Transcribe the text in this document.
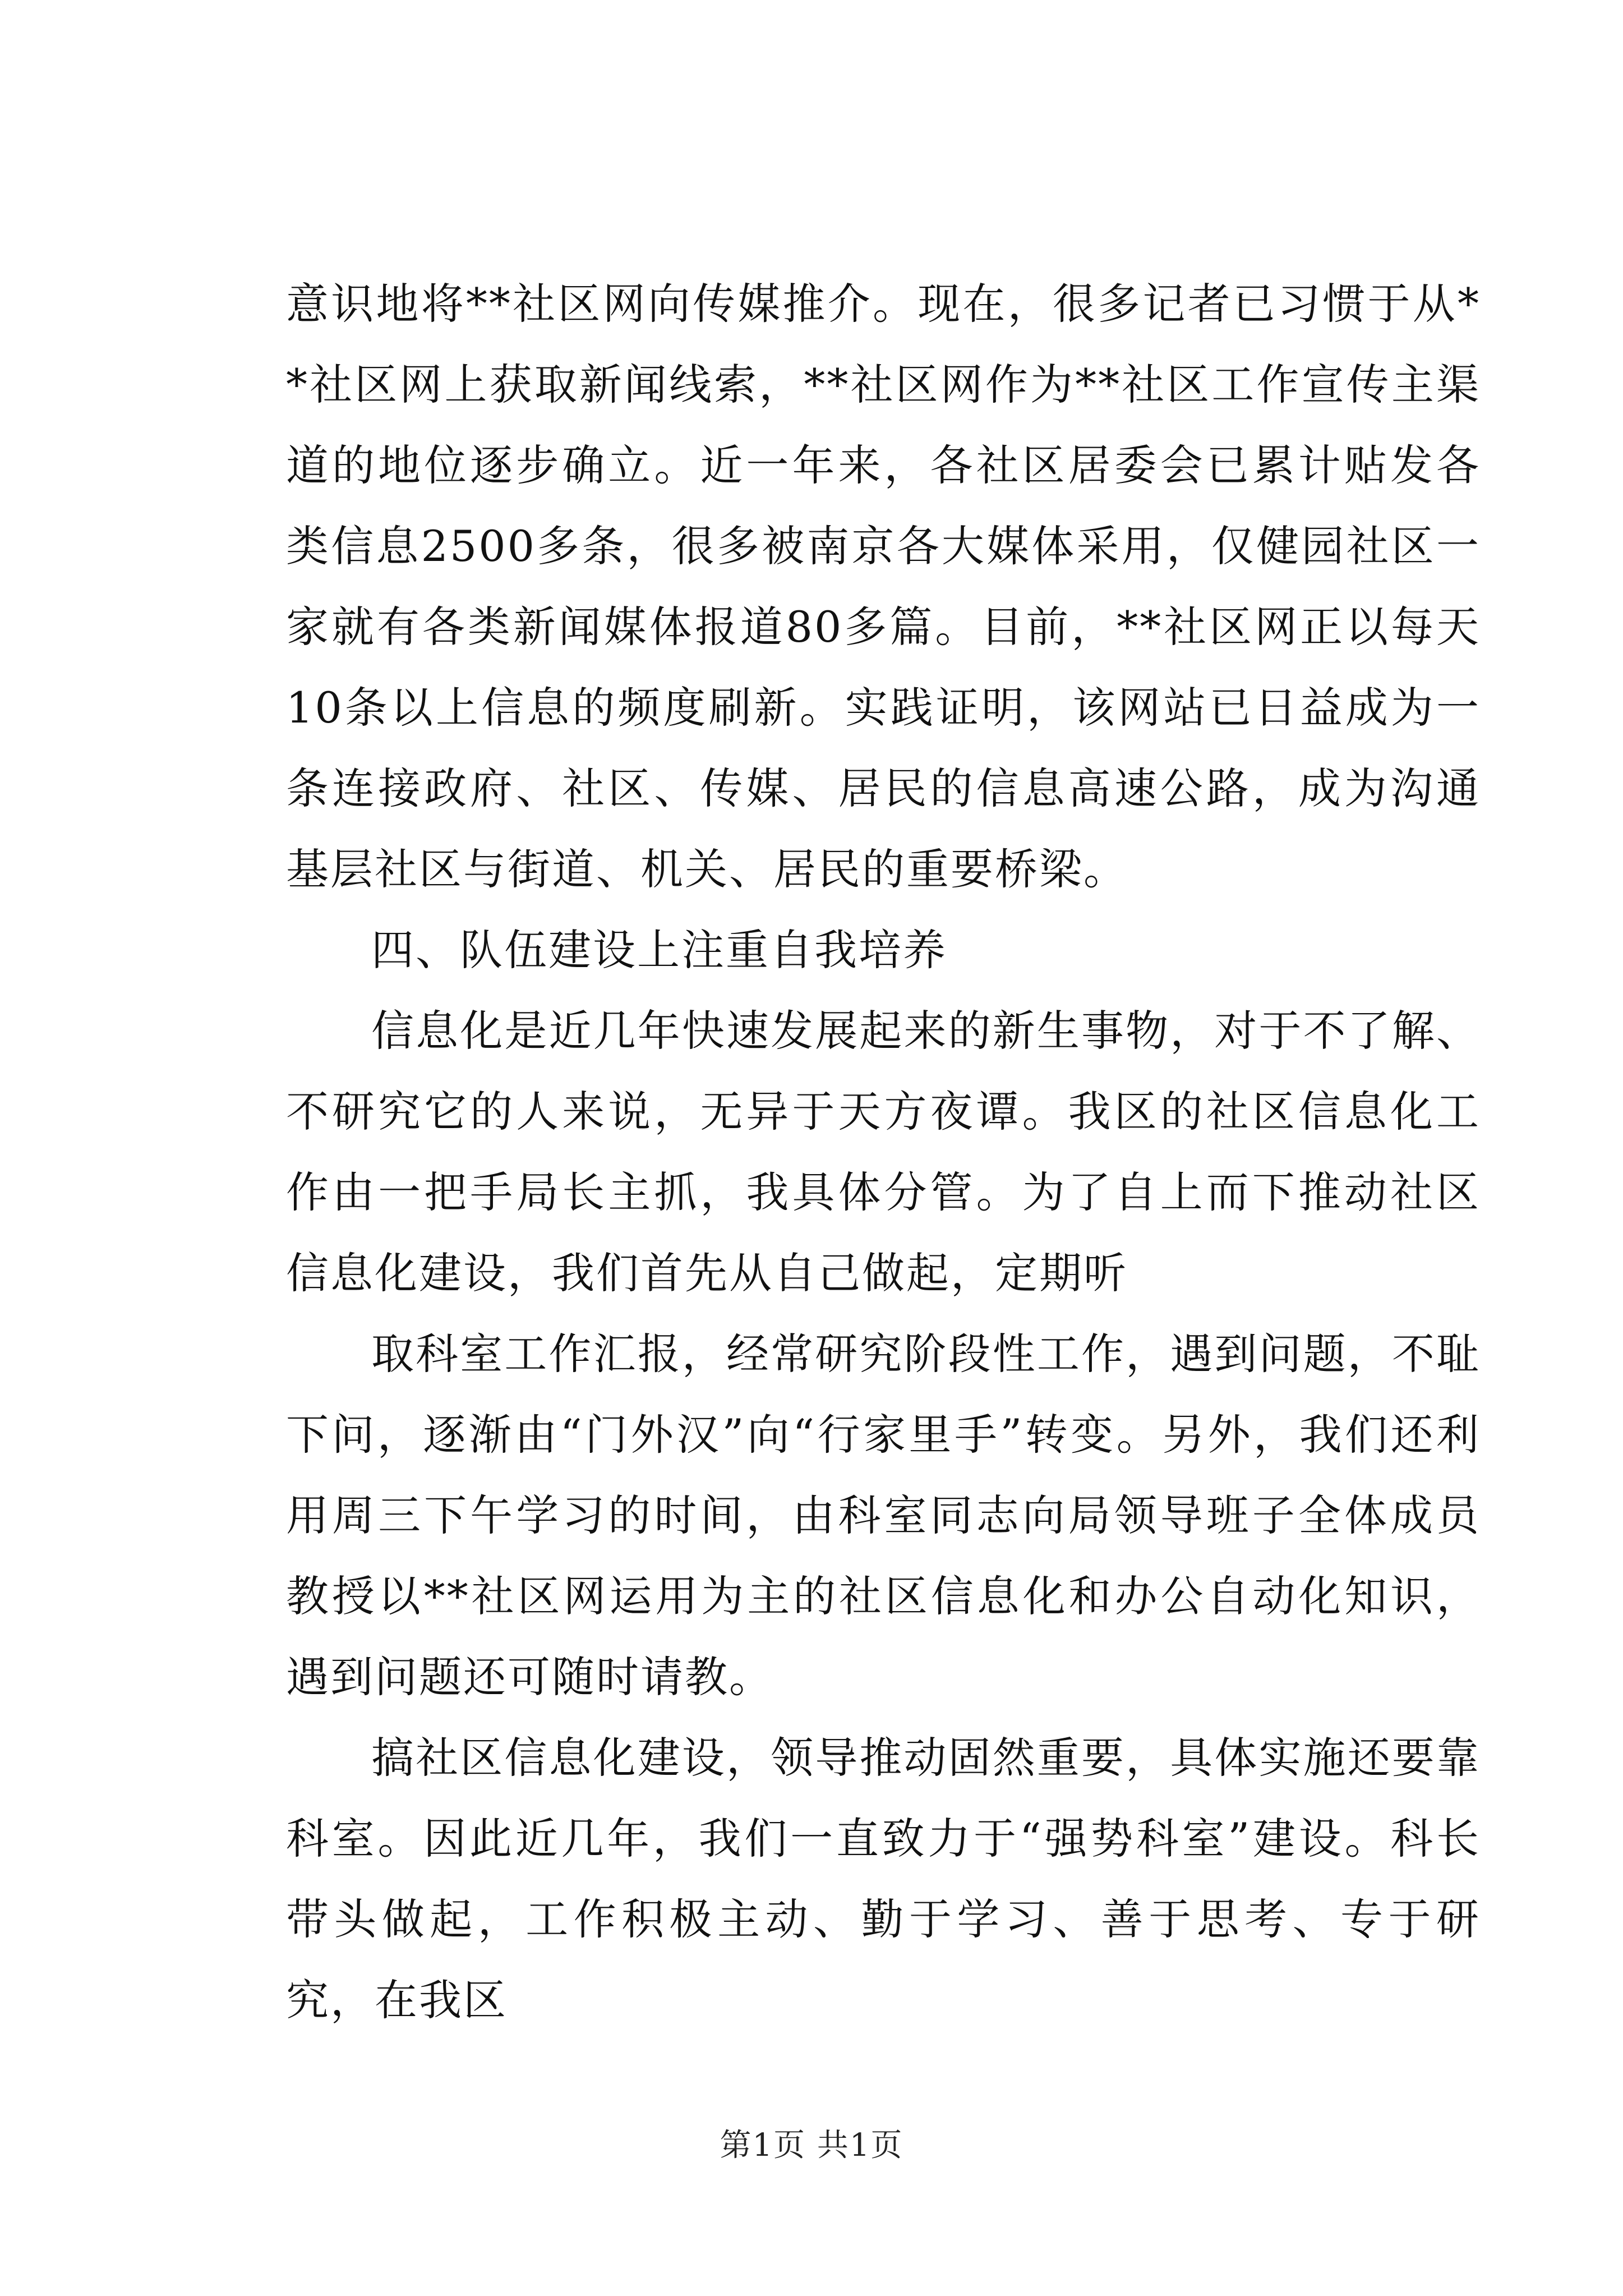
意识地将**社区网向传媒推介。现在，很多记者已习惯于从**社区网上获取新闻线索，**社区网作为**社区工作宣传主渠道的地位逐步确立。近一年来，各社区居委会已累计贴发各类信息2500多条，很多被南京各大媒体采用，仅健园社区一家就有各类新闻媒体报道80多篇。目前，**社区网正以每天10条以上信息的频度刷新。实践证明，该网站已日益成为一条连接政府、社区、传媒、居民的信息高速公路，成为沟通基层社区与街道、机关、居民的重要桥梁。

四、队伍建设上注重自我培养

信息化是近几年快速发展起来的新生事物，对于不了解、不研究它的人来说，无异于天方夜谭。我区的社区信息化工作由一把手局长主抓，我具体分管。为了自上而下推动社区信息化建设，我们首先从自己做起，定期听

取科室工作汇报，经常研究阶段性工作，遇到问题，不耻下问，逐渐由“门外汉”向“行家里手”转变。另外，我们还利用周三下午学习的时间，由科室同志向局领导班子全体成员教授以**社区网运用为主的社区信息化和办公自动化知识，遇到问题还可随时请教。

搞社区信息化建设，领导推动固然重要，具体实施还要靠科室。因此近几年，我们一直致力于“强势科室”建设。科长带头做起，工作积极主动、勤于学习、善于思考、专于研究，在我区

第1页 共1页
